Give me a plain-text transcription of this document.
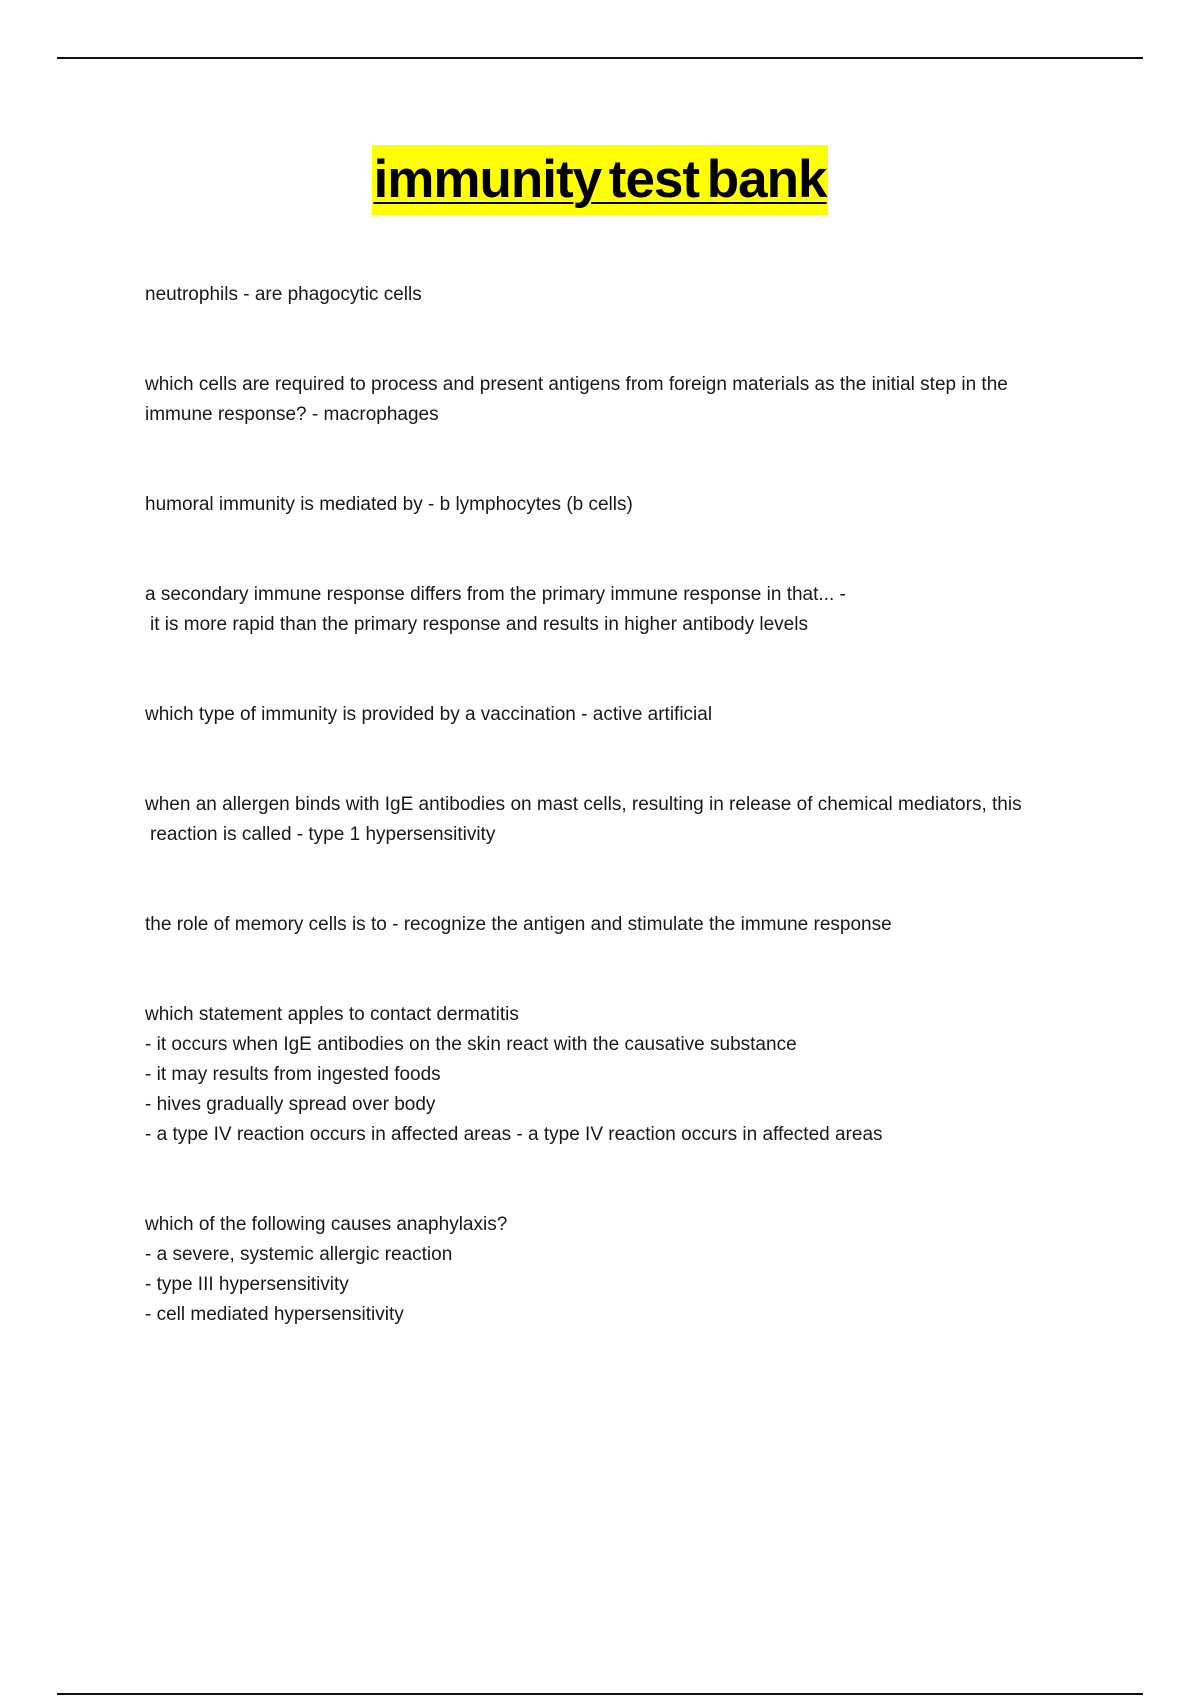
immunity test bank

neutrophils - are phagocytic cells

which cells are required to process and present antigens from foreign materials as the initial step in the

immune response? - macrophages

humoral immunity is mediated by - b lymphocytes (b cells)

a secondary immune response differs from the primary immune response in that... -

it is more rapid than the primary response and results in higher antibody levels

which type of immunity is provided by a vaccination - active artificial

when an allergen binds with IgE antibodies on mast cells, resulting in release of chemical mediators, this

reaction is called - type 1 hypersensitivity

the role of memory cells is to - recognize the antigen and stimulate the immune response

which statement apples to contact dermatitis

- it occurs when IgE antibodies on the skin react with the causative substance

- it may results from ingested foods

- hives gradually spread over body

- a type IV reaction occurs in affected areas - a type IV reaction occurs in affected areas

which of the following causes anaphylaxis?

- a severe, systemic allergic reaction

- type III hypersensitivity

- cell mediated hypersensitivity
